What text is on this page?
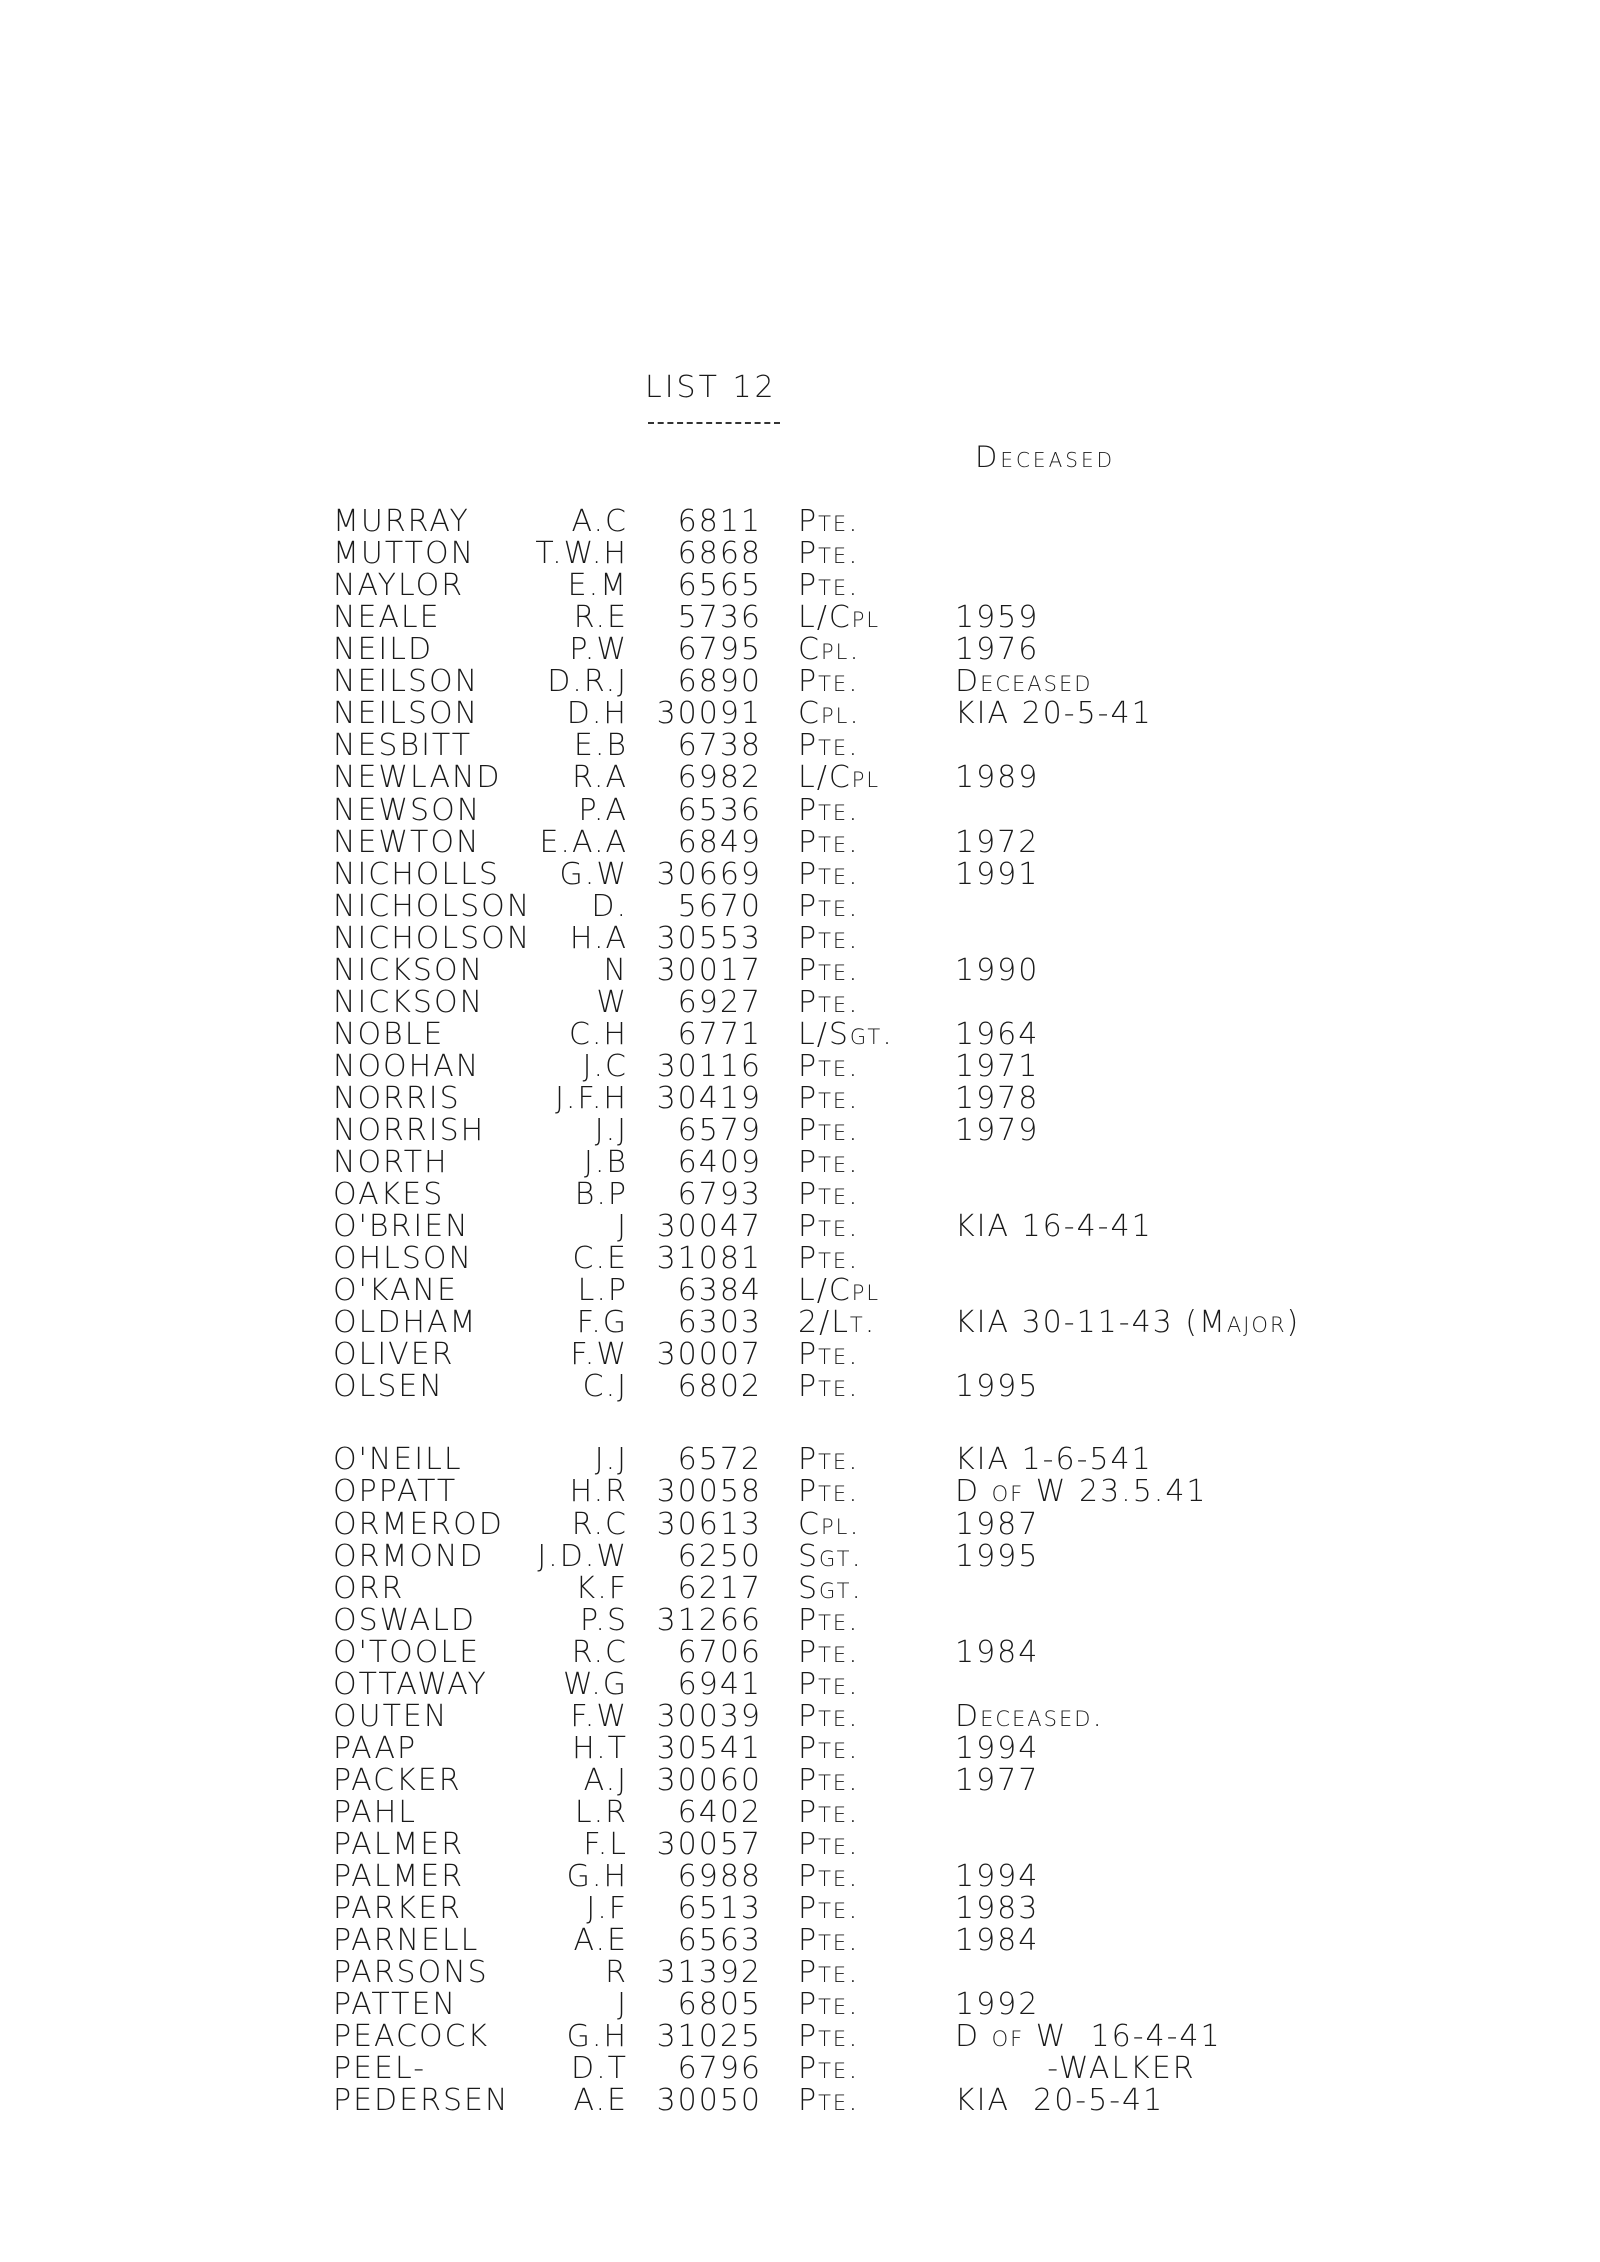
LIST 12
Deceased
MURRAY	A.C 6811 Pte.
MUTTON T.W.H 6868 Pte.
NAYLOR	E.M 6565 Pte.
NEALE	R.E 5736 L/Cpl 1959
NEILD	P.W 6795 Cpl.	1976
NEILSON D.R.J 6890 Pte.	Deceased
NEILSON	D.H 30091 Cpl.	KIA 20-5-41
NESBITT	E.B 6738 Pte.
NEWLAND R.A 6982 L/Cpl 1989
NEWSON	P.A 6536 Pte.
NEWTON E.A.A 6849 Pte.	1972
NICHOLLS G.W 30669 Pte.	1991
NICHOLSON D. 5670 Pte.
NICHOLSON H.A 30553 Pte.
NICKSON	N 30017 Pte.	1990
NICKSON	W 6927 Pte.
NOBLE	C.H 6771 L/Sgt. 1964
NOOHAN	J.C 30116 Pte.	1971
NORRIS	J.F.H 30419 Pte.	1978
NORRISH	J.J 6579 Pte.	1979
NORTH	J.B 6409 Pte.
OAKES	B.P 6793 Pte.
O'BRIEN	J 30047 Pte.	KIA 16-4-41
OHLSON	C.E 31081 Pte.
O'KANE	L.P 6384 L/Cpl
OLDHAM	F.G 6303 2/Lt.	KIA 30-11-43 (Major)
OLIVER	F.W 30007 Pte.
OLSEN	C.J 6802 Pte.	1995
O'NEILL	J.J 6572 Pte.	KIA 1-6-541
OPPATT	H.R 30058 Pte.	D of W 23.5.41
ORMEROD R.C 30613 Cpl.	1987
ORMOND J.D.W 6250 Sgt.	1995
ORR	K.F 6217 Sgt.
OSWALD	P.S 31266 Pte.
O'TOOLE	R.C 6706 Pte.	1984
OTTAWAY	W.G 6941 Pte.
OUTEN	F.W 30039 Pte.	Deceased.
PAAP	H.T 30541 Pte.	1994
PACKER	A.J 30060 Pte.	1977
PAHL	L.R 6402 Pte.
PALMER	F.L 30057 Pte.
PALMER	G.H 6988 Pte.	1994
PARKER	J.F 6513 Pte.	1983
PARNELL	A.E 6563 Pte.	1984
PARSONS	R 31392 Pte.
PATTEN	J 6805 Pte.	1992
PEACOCK	G.H 31025 Pte.	D of W  16-4-41
PEEL-	D.T 6796 Pte.	-WALKER
PEDERSEN A.E 30050 Pte.	KIA  20-5-41
